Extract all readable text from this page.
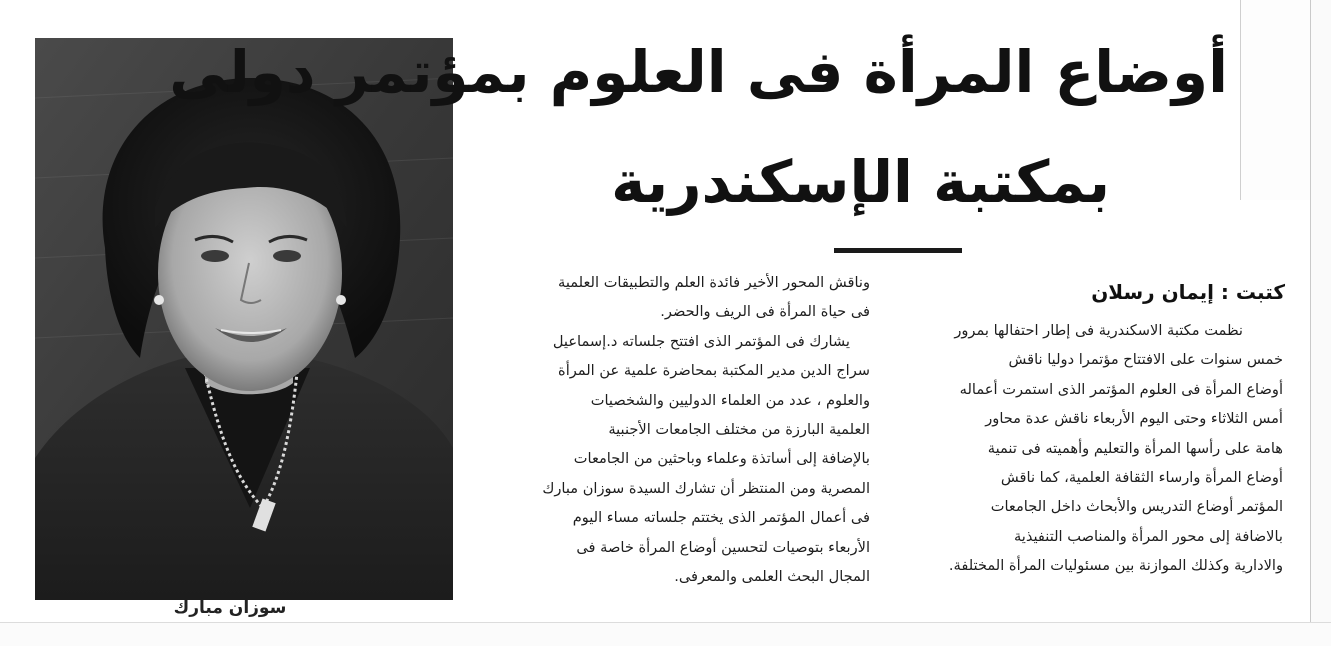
سوزان مبارك
أوضاع المرأة فى العلوم بمؤتمر دولى
بمكتبة الإسكندرية
كتبت : إيمان رسلان
نظمت مكتبة الاسكندرية فى إطار احتفالها بمرور
خمس سنوات على الافتتاح مؤتمرا دوليا ناقش
أوضاع المرأة فى العلوم المؤتمر الذى استمرت أعماله
أمس الثلاثاء وحتى اليوم الأربعاء ناقش عدة محاور
هامة على رأسها المرأة والتعليم وأهميته فى تنمية
أوضاع المرأة وارساء الثقافة العلمية، كما ناقش
المؤتمر أوضاع التدريس والأبحاث داخل الجامعات
بالاضافة إلى محور المرأة والمناصب التنفيذية
والادارية وكذلك الموازنة بين مسئوليات المرأة المختلفة.
وناقش المحور الأخير فائدة العلم والتطبيقات العلمية
فى حياة المرأة فى الريف والحضر.
يشارك فى المؤتمر الذى افتتح جلساته د.إسماعيل
سراج الدين مدير المكتبة بمحاضرة علمية عن المرأة
والعلوم ، عدد من العلماء الدوليين والشخصيات
العلمية البارزة من مختلف الجامعات الأجنبية
بالإضافة إلى أساتذة وعلماء وباحثين من الجامعات
المصرية ومن المنتظر أن تشارك السيدة سوزان مبارك
فى أعمال المؤتمر الذى يختتم جلساته مساء اليوم
الأربعاء بتوصيات لتحسين أوضاع المرأة خاصة فى
المجال البحث العلمى والمعرفى.
